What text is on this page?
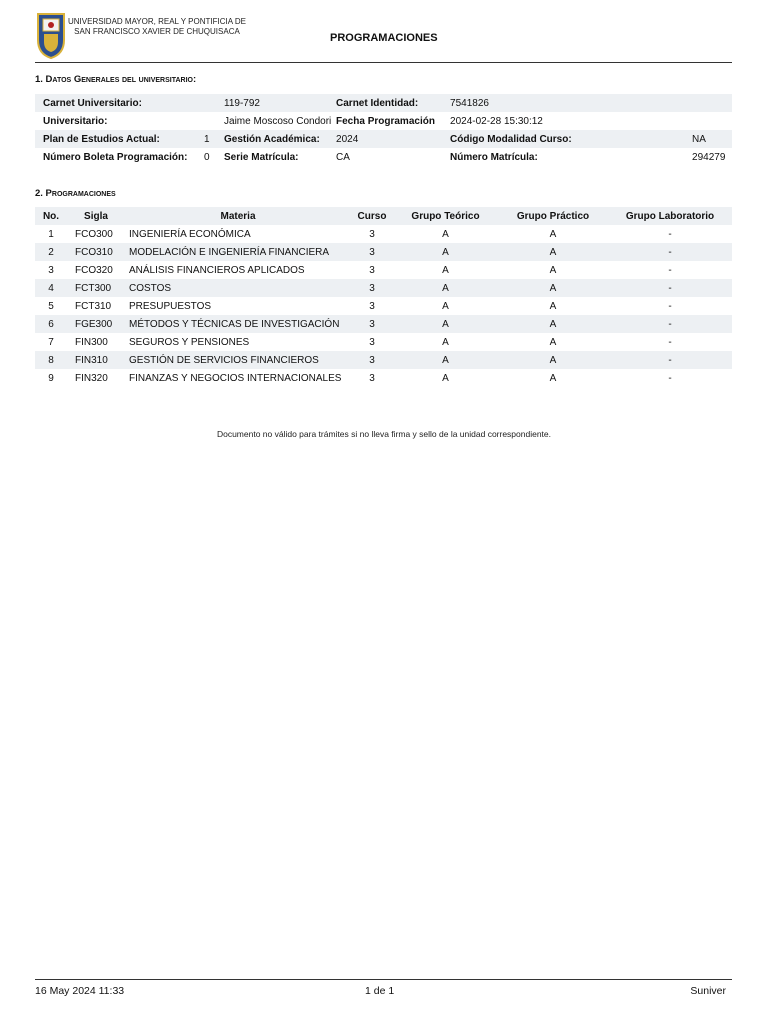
UNIVERSIDAD MAYOR, REAL Y PONTIFICIA DE
SAN FRANCISCO XAVIER DE CHUQUISACA
PROGRAMACIONES
1. Datos Generales del universitario:
Carnet Universitario:		119-792	Carnet Identidad:	7541826	
Universitario:		Jaime Moscoso Condori	Fecha Programación	2024-02-28 15:30:12	
Plan de Estudios Actual:	1	Gestión Académica:	2024	Código Modalidad Curso:	NA
Número Boleta Programación:	0	Serie Matrícula:	CA	Número Matrícula:	294279
2. Programaciones
No.	Sigla	Materia	Curso	Grupo Teórico	Grupo Práctico	Grupo Laboratorio
1	FCO300	INGENIERÍA ECONÓMICA	3	A	A	-
2	FCO310	MODELACIÓN E INGENIERÍA FINANCIERA	3	A	A	-
3	FCO320	ANÁLISIS FINANCIEROS APLICADOS	3	A	A	-
4	FCT300	COSTOS	3	A	A	-
5	FCT310	PRESUPUESTOS	3	A	A	-
6	FGE300	MÉTODOS Y TÉCNICAS DE INVESTIGACIÓN	3	A	A	-
7	FIN300	SEGUROS Y PENSIONES	3	A	A	-
8	FIN310	GESTIÓN DE SERVICIOS FINANCIEROS	3	A	A	-
9	FIN320	FINANZAS Y NEGOCIOS INTERNACIONALES	3	A	A	-
Documento no válido para trámites si no lleva firma y sello de la unidad correspondiente.
16 May 2024 11:33	1 de 1	Suniver
